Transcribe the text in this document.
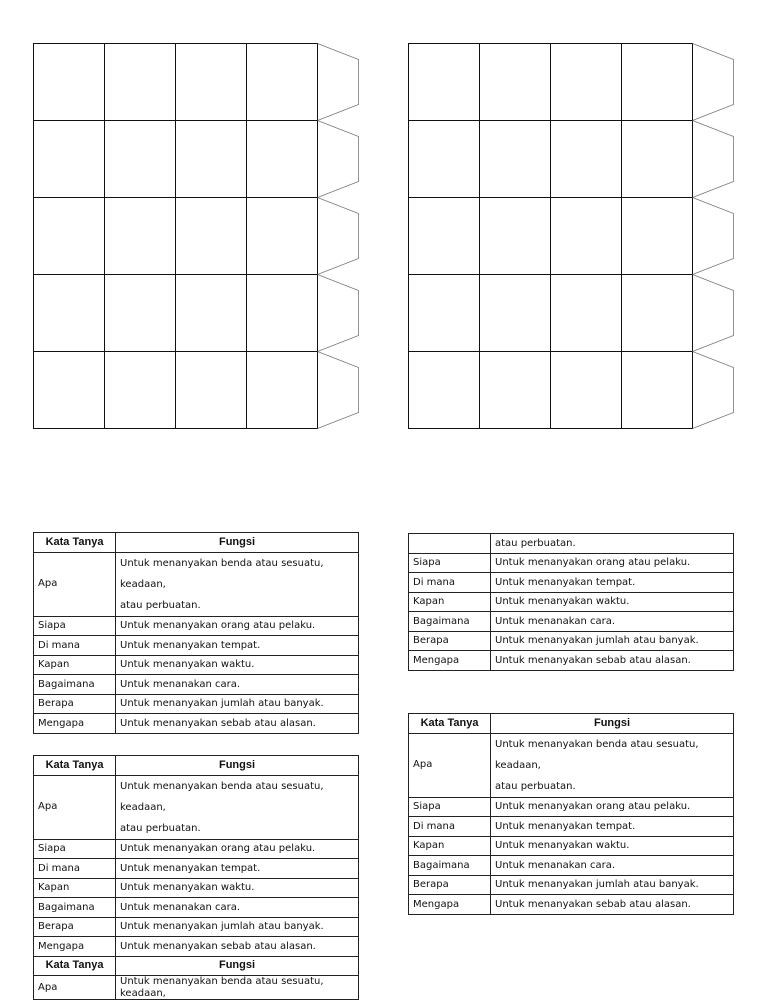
Kata Tanya	Fungsi
Apa	Untuk menanyakan benda atau sesuatu, keadaan,
atau perbuatan.
Siapa	Untuk menanyakan orang atau pelaku.
Di mana	Untuk menanyakan tempat.
Kapan	Untuk menanyakan waktu.
Bagaimana	Untuk menanakan cara.
Berapa	Untuk menanyakan jumlah atau banyak.
Mengapa	Untuk menanyakan sebab atau alasan.
Kata Tanya	Fungsi
Apa	Untuk menanyakan benda atau sesuatu, keadaan,
atau perbuatan.
Siapa	Untuk menanyakan orang atau pelaku.
Di mana	Untuk menanyakan tempat.
Kapan	Untuk menanyakan waktu.
Bagaimana	Untuk menanakan cara.
Berapa	Untuk menanyakan jumlah atau banyak.
Mengapa	Untuk menanyakan sebab atau alasan.
Kata Tanya	Fungsi
Apa	Untuk menanyakan benda atau sesuatu, keadaan,
	atau perbuatan.
Siapa	Untuk menanyakan orang atau pelaku.
Di mana	Untuk menanyakan tempat.
Kapan	Untuk menanyakan waktu.
Bagaimana	Untuk menanakan cara.
Berapa	Untuk menanyakan jumlah atau banyak.
Mengapa	Untuk menanyakan sebab atau alasan.
Kata Tanya	Fungsi
Apa	Untuk menanyakan benda atau sesuatu, keadaan,
atau perbuatan.
Siapa	Untuk menanyakan orang atau pelaku.
Di mana	Untuk menanyakan tempat.
Kapan	Untuk menanyakan waktu.
Bagaimana	Untuk menanakan cara.
Berapa	Untuk menanyakan jumlah atau banyak.
Mengapa	Untuk menanyakan sebab atau alasan.
